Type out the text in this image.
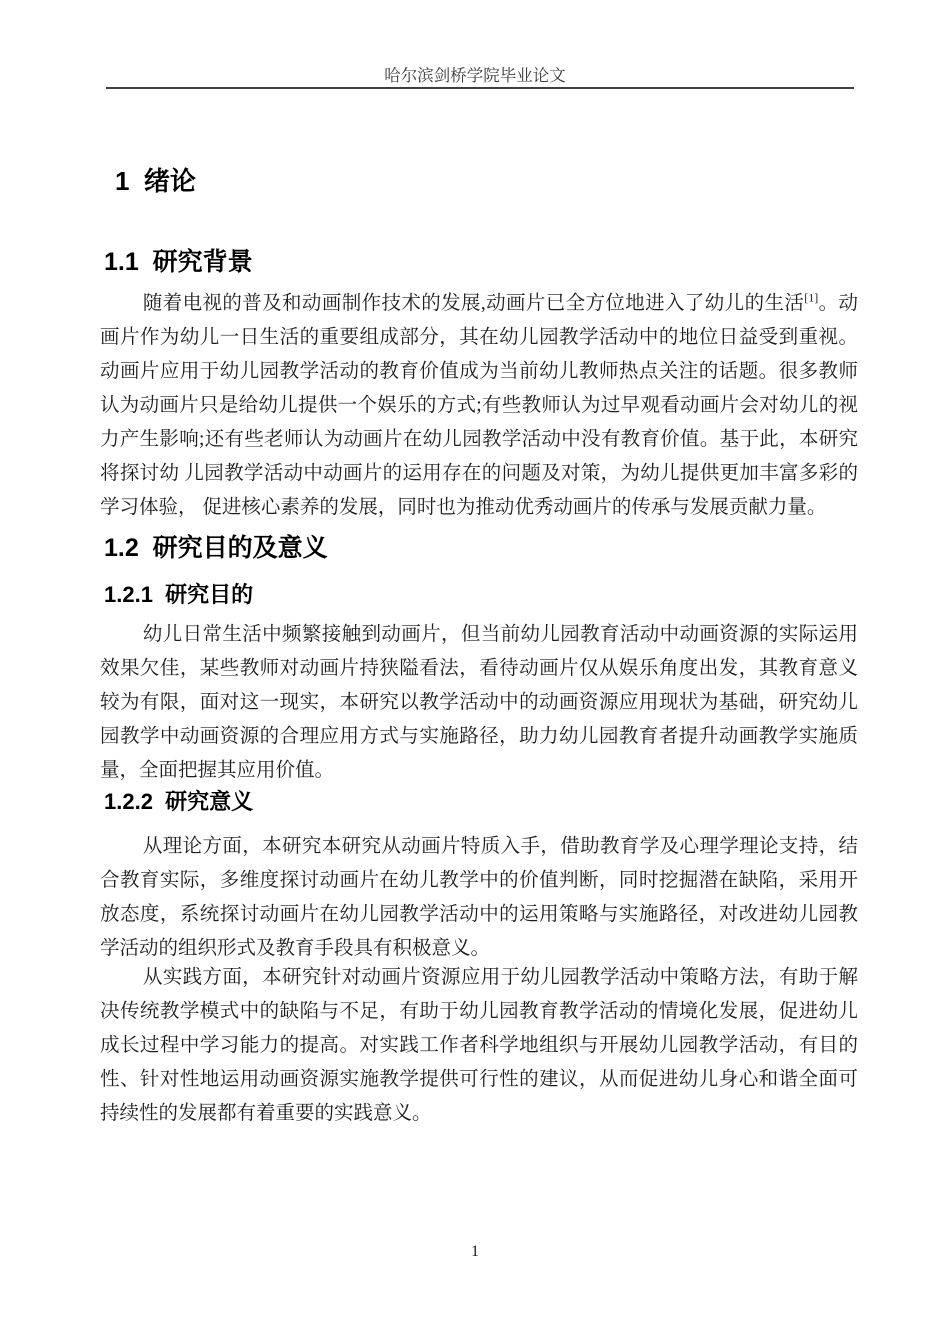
哈尔滨剑桥学院毕业论文
1  绪论
1.1  研究背景

随着电视的普及和动画制作技术的发展,动画片已全方位地进入了幼儿的生活[1]。动画片作为幼儿一日生活的重要组成部分，其在幼儿园教学活动中的地位日益受到重视。动画片应用于幼儿园教学活动的教育价值成为当前幼儿教师热点关注的话题。很多教师认为动画片只是给幼儿提供一个娱乐的方式;有些教师认为过早观看动画片会对幼儿的视力产生影响;还有些老师认为动画片在幼儿园教学活动中没有教育价值。基于此，本研究将探讨幼 儿园教学活动中动画片的运用存在的问题及对策，为幼儿提供更加丰富多彩的学习体验， 促进核心素养的发展，同时也为推动优秀动画片的传承与发展贡献力量。

1.2  研究目的及意义
1.2.1  研究目的

幼儿日常生活中频繁接触到动画片，但当前幼儿园教育活动中动画资源的实际运用效果欠佳，某些教师对动画片持狭隘看法，看待动画片仅从娱乐角度出发，其教育意义较为有限，面对这一现实，本研究以教学活动中的动画资源应用现状为基础，研究幼儿园教学中动画资源的合理应用方式与实施路径，助力幼儿园教育者提升动画教学实施质量，全面把握其应用价值。

1.2.2  研究意义

从理论方面，本研究本研究从动画片特质入手，借助教育学及心理学理论支持，结合教育实际，多维度探讨动画片在幼儿教学中的价值判断，同时挖掘潜在缺陷，采用开放态度，系统探讨动画片在幼儿园教学活动中的运用策略与实施路径，对改进幼儿园教学活动的组织形式及教育手段具有积极意义。

从实践方面，本研究针对动画片资源应用于幼儿园教学活动中策略方法，有助于解决传统教学模式中的缺陷与不足，有助于幼儿园教育教学活动的情境化发展，促进幼儿成长过程中学习能力的提高。对实践工作者科学地组织与开展幼儿园教学活动，有目的性、针对性地运用动画资源实施教学提供可行性的建议，从而促进幼儿身心和谐全面可持续性的发展都有着重要的实践意义。

1
